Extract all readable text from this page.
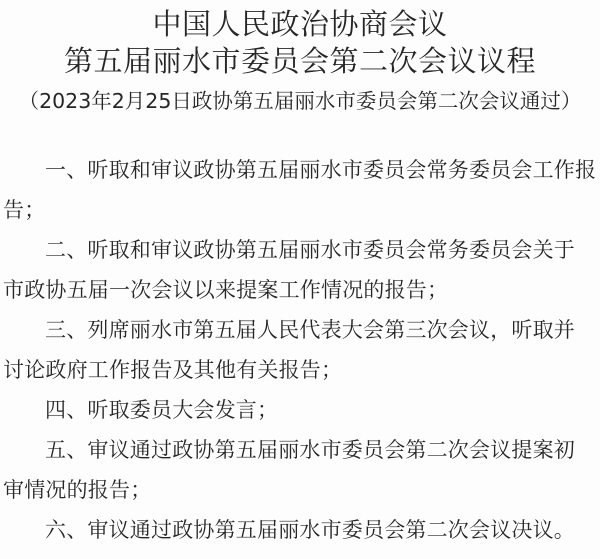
中国人民政治协商会议
第五届丽水市委员会第二次会议议程
（2023年2月25日政协第五届丽水市委员会第二次会议通过）

一、听取和审议政协第五届丽水市委员会常务委员会工作报
告；

二、听取和审议政协第五届丽水市委员会常务委员会关于
市政协五届一次会议以来提案工作情况的报告；

三、列席丽水市第五届人民代表大会第三次会议，听取并
讨论政府工作报告及其他有关报告；

四、听取委员大会发言；

五、审议通过政协第五届丽水市委员会第二次会议提案初
审情况的报告；

六、审议通过政协第五届丽水市委员会第二次会议决议。
